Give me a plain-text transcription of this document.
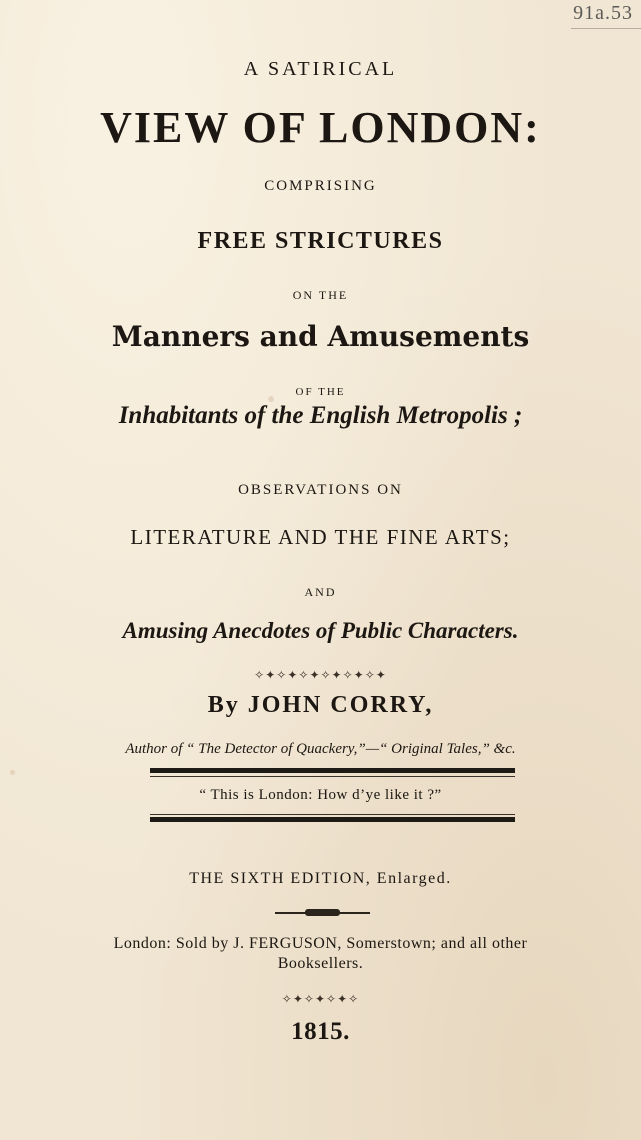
91a.53
A SATIRICAL
VIEW OF LONDON:
COMPRISING
FREE STRICTURES
ON THE
Manners and Amusements
OF THE
Inhabitants of the English Metropolis ;
OBSERVATIONS ON
LITERATURE AND THE FINE ARTS;
AND
Amusing Anecdotes of Public Characters.
✧✦✧✦✧✦✧✦✧✦✧✦
By JOHN CORRY,
Author of “ The Detector of Quackery,”—“ Original Tales,” &c.
“ This is London: How d’ye like it ?”
THE SIXTH EDITION, Enlarged.
London: Sold by J. FERGUSON, Somerstown; and all other
Booksellers.
✧✦✧✦✧✦✧
1815.
